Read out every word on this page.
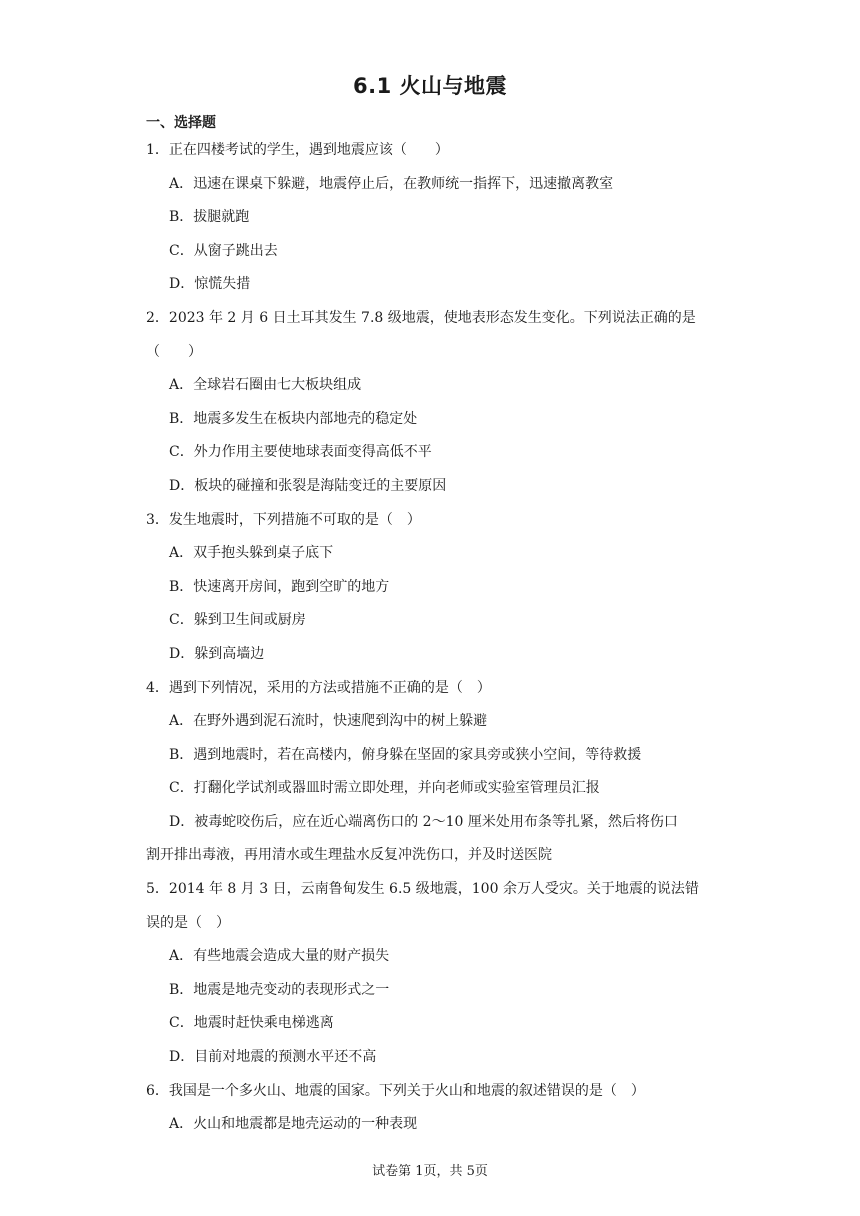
6.1 火山与地震
一、选择题

1．正在四楼考试的学生，遇到地震应该（　　）

A．迅速在课桌下躲避，地震停止后，在教师统一指挥下，迅速撤离教室

B．拔腿就跑

C．从窗子跳出去

D．惊慌失措

2．2023 年 2 月 6 日土耳其发生 7.8 级地震，使地表形态发生变化。下列说法正确的是

（　　）

A．全球岩石圈由七大板块组成

B．地震多发生在板块内部地壳的稳定处

C．外力作用主要使地球表面变得高低不平

D．板块的碰撞和张裂是海陆变迁的主要原因

3．发生地震时，下列措施不可取的是（　）

A．双手抱头躲到桌子底下

B．快速离开房间，跑到空旷的地方

C．躲到卫生间或厨房

D．躲到高墙边

4．遇到下列情况，采用的方法或措施不正确的是（　）

A．在野外遇到泥石流时，快速爬到沟中的树上躲避

B．遇到地震时，若在高楼内，俯身躲在坚固的家具旁或狭小空间，等待救援

C．打翻化学试剂或器皿时需立即处理，并向老师或实验室管理员汇报

D．被毒蛇咬伤后，应在近心端离伤口的 2～10 厘米处用布条等扎紧，然后将伤口

割开排出毒液，再用清水或生理盐水反复冲洗伤口，并及时送医院

5．2014 年 8 月 3 日，云南鲁甸发生 6.5 级地震，100 余万人受灾。关于地震的说法错

误的是（　）

A．有些地震会造成大量的财产损失

B．地震是地壳变动的表现形式之一

C．地震时赶快乘电梯逃离

D．目前对地震的预测水平还不高

6．我国是一个多火山、地震的国家。下列关于火山和地震的叙述错误的是（　）

A．火山和地震都是地壳运动的一种表现

试卷第 1页，共 5页
